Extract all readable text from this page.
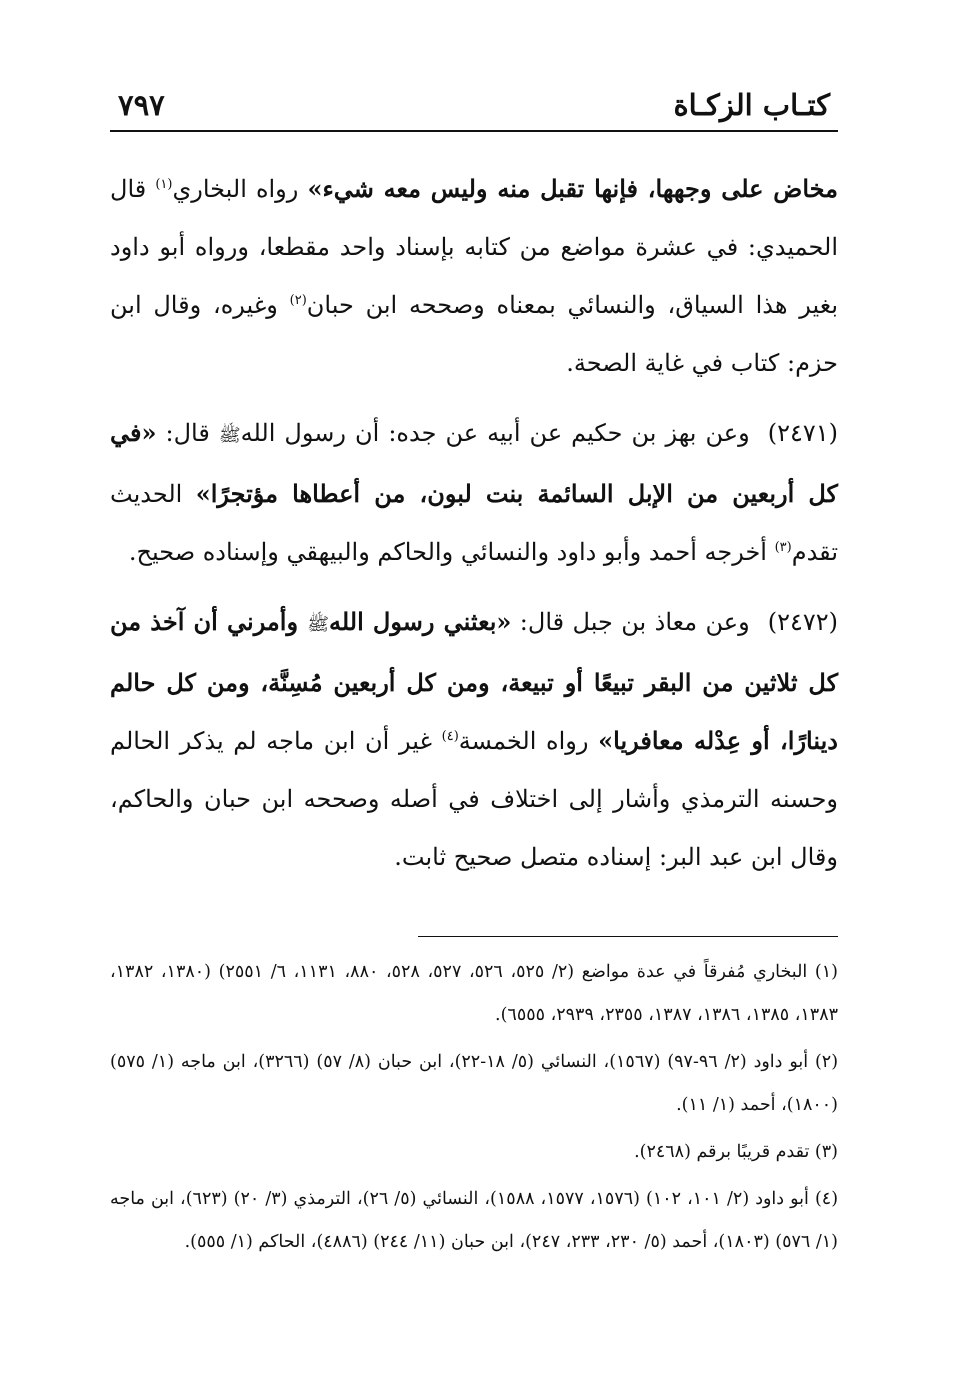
كتـاب الزكـاة
٧٩٧

مخاض على وجهها، فإنها تقبل منه وليس معه شيء» رواه البخاري$^{(١)}$ قال الحميدي: في عشرة مواضع من كتابه بإسناد واحد مقطعا، ورواه أبو داود بغير هذا السياق، والنسائي بمعناه وصححه ابن حبان$^{(٢)}$ وغيره، وقال ابن حزم: كتاب في غاية الصحة.

(٢٤٧١)وعن بهز بن حكيم عن أبيه عن جده: أن رسول اللهﷺ قال: «في كل أربعين من الإبل السائمة بنت لبون، من أعطاها مؤتجرًا» الحديث تقدم$^{(٣)}$ أخرجه أحمد وأبو داود والنسائي والحاكم والبيهقي وإسناده صحيح.

(٢٤٧٢)وعن معاذ بن جبل قال: «بعثني رسول اللهﷺ وأمرني أن آخذ من كل ثلاثين من البقر تبيعًا أو تبيعة، ومن كل أربعين مُسِنَّة، ومن كل حالم دينارًا، أو عِدْله معافريا» رواه الخمسة$^{(٤)}$ غير أن ابن ماجه لم يذكر الحالم وحسنه الترمذي وأشار إلى اختلاف في أصله وصححه ابن حبان والحاكم، وقال ابن عبد البر: إسناده متصل صحيح ثابت.

(١) البخاري مُفرقاً في عدة مواضع (٢/ ٥٢٥، ٥٢٦، ٥٢٧، ٥٢٨، ٨٨٠، ١١٣١، ٦/ ٢٥٥١) (١٣٨٠، ١٣٨٢، ١٣٨٣، ١٣٨٥، ١٣٨٦، ١٣٨٧، ٢٣٥٥، ٢٩٣٩، ٦٥٥٥).

(٢) أبو داود (٢/ ٩٦-٩٧) (١٥٦٧)، النسائي (٥/ ١٨-٢٢)، ابن حبان (٨/ ٥٧) (٣٢٦٦)، ابن ماجه (١/ ٥٧٥) (١٨٠٠)، أحمد (١/ ١١).

(٣) تقدم قريبًا برقم (٢٤٦٨).

(٤) أبو داود (٢/ ١٠١، ١٠٢) (١٥٧٦، ١٥٧٧، ١٥٨٨)، النسائي (٥/ ٢٦)، الترمذي (٣/ ٢٠) (٦٢٣)، ابن ماجه (١/ ٥٧٦) (١٨٠٣)، أحمد (٥/ ٢٣٠، ٢٣٣، ٢٤٧)، ابن حبان (١١/ ٢٤٤) (٤٨٨٦)، الحاكم (١/ ٥٥٥).
